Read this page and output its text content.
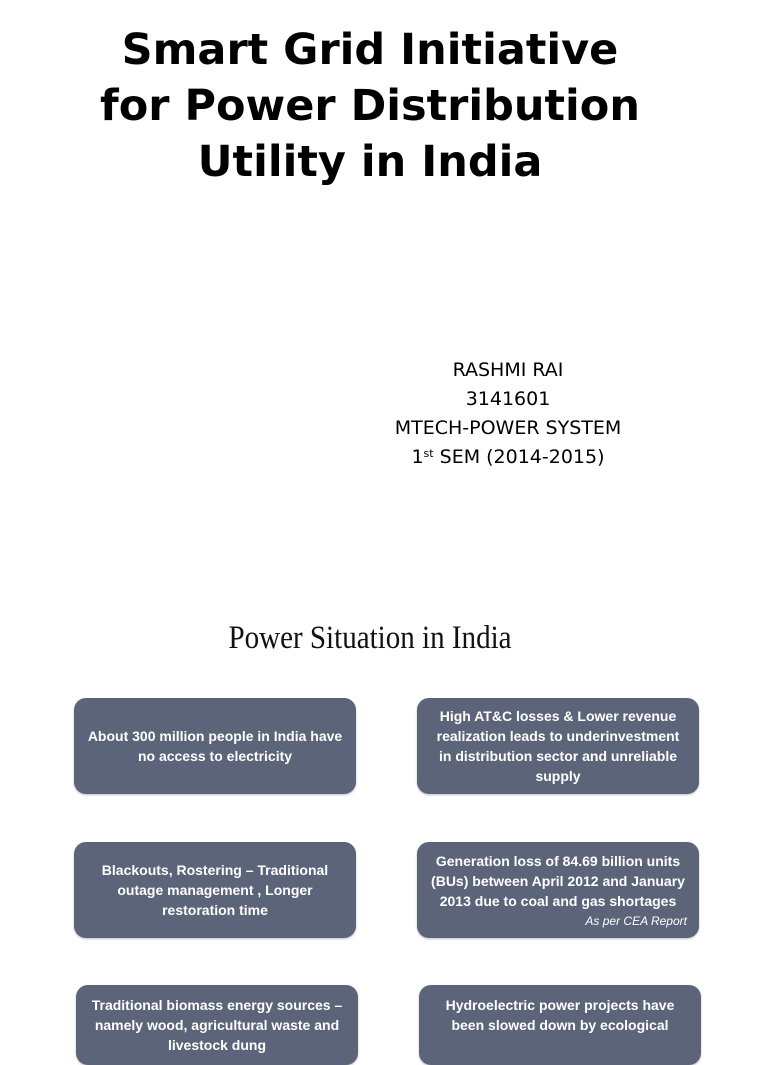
Smart Grid Initiative
for Power Distribution
Utility in India
RASHMI RAI
3141601
MTECH-POWER SYSTEM
1st SEM (2014-2015)
Power Situation in India
About 300 million people in India have no access to electricity
High AT&C losses & Lower revenue realization leads to underinvestment in distribution sector and unreliable supply
Blackouts, Rostering – Traditional outage management , Longer restoration time
Generation loss of 84.69 billion units (BUs) between April 2012 and January 2013 due to coal and gas shortages
As per CEA Report
Traditional biomass energy sources – namely wood, agricultural waste and livestock dung
Hydroelectric power projects have been slowed down by ecological
